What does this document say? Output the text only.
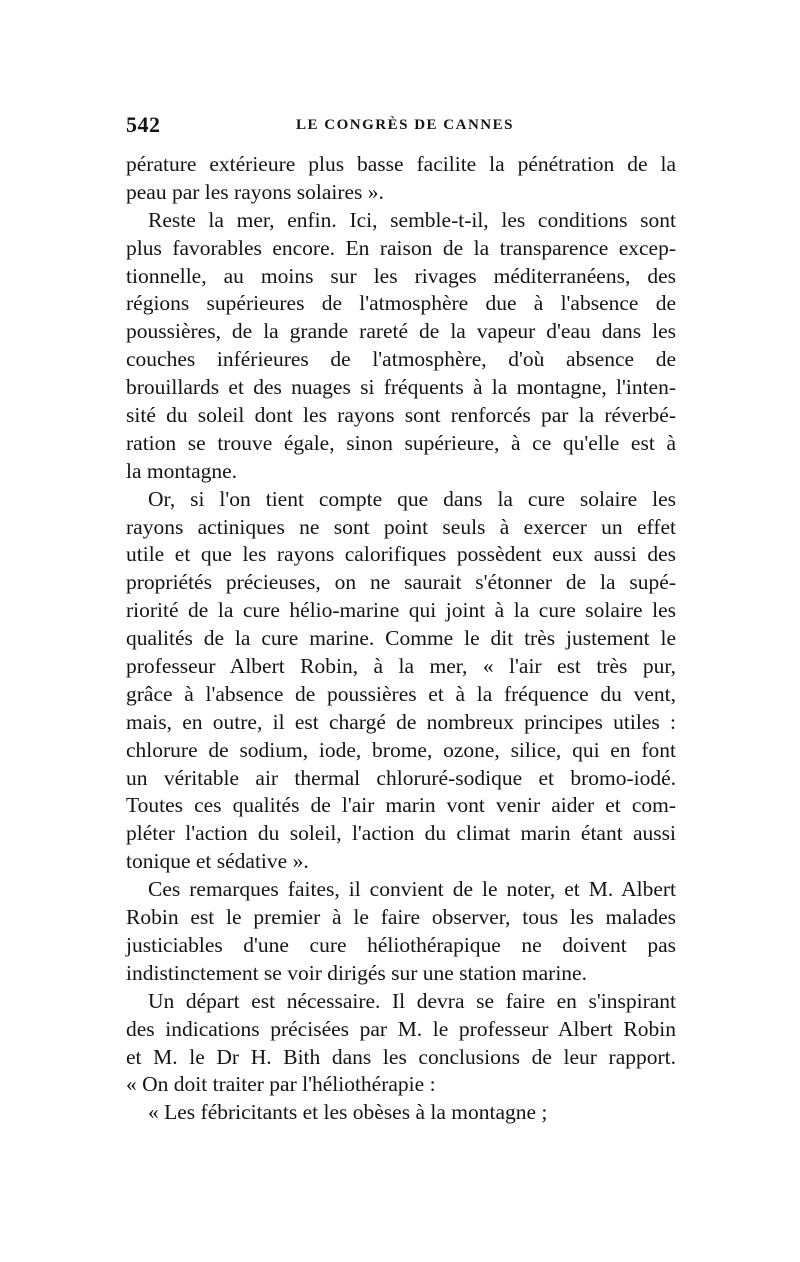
542	LE CONGRÈS DE CANNES
pérature extérieure plus basse facilite la pénétration de la
peau par les rayons solaires ».
Reste la mer, enfin. Ici, semble-t-il, les conditions sont
plus favorables encore. En raison de la transparence excep-
tionnelle, au moins sur les rivages méditerranéens, des
régions supérieures de l'atmosphère due à l'absence de
poussières, de la grande rareté de la vapeur d'eau dans les
couches inférieures de l'atmosphère, d'où absence de
brouillards et des nuages si fréquents à la montagne, l'inten-
sité du soleil dont les rayons sont renforcés par la réverbé-
ration se trouve égale, sinon supérieure, à ce qu'elle est à
la montagne.
Or, si l'on tient compte que dans la cure solaire les
rayons actiniques ne sont point seuls à exercer un effet
utile et que les rayons calorifiques possèdent eux aussi des
propriétés précieuses, on ne saurait s'étonner de la supé-
riorité de la cure hélio-marine qui joint à la cure solaire les
qualités de la cure marine. Comme le dit très justement le
professeur Albert Robin, à la mer, « l'air est très pur,
grâce à l'absence de poussières et à la fréquence du vent,
mais, en outre, il est chargé de nombreux principes utiles :
chlorure de sodium, iode, brome, ozone, silice, qui en font
un véritable air thermal chloruré-sodique et bromo-iodé.
Toutes ces qualités de l'air marin vont venir aider et com-
pléter l'action du soleil, l'action du climat marin étant aussi
tonique et sédative ».
Ces remarques faites, il convient de le noter, et M. Albert
Robin est le premier à le faire observer, tous les malades
justiciables d'une cure héliothérapique ne doivent pas
indistinctement se voir dirigés sur une station marine.
Un départ est nécessaire. Il devra se faire en s'inspirant
des indications précisées par M. le professeur Albert Robin
et M. le Dr H. Bith dans les conclusions de leur rapport.
« On doit traiter par l'héliothérapie :
« Les fébricitants et les obèses à la montagne ;
